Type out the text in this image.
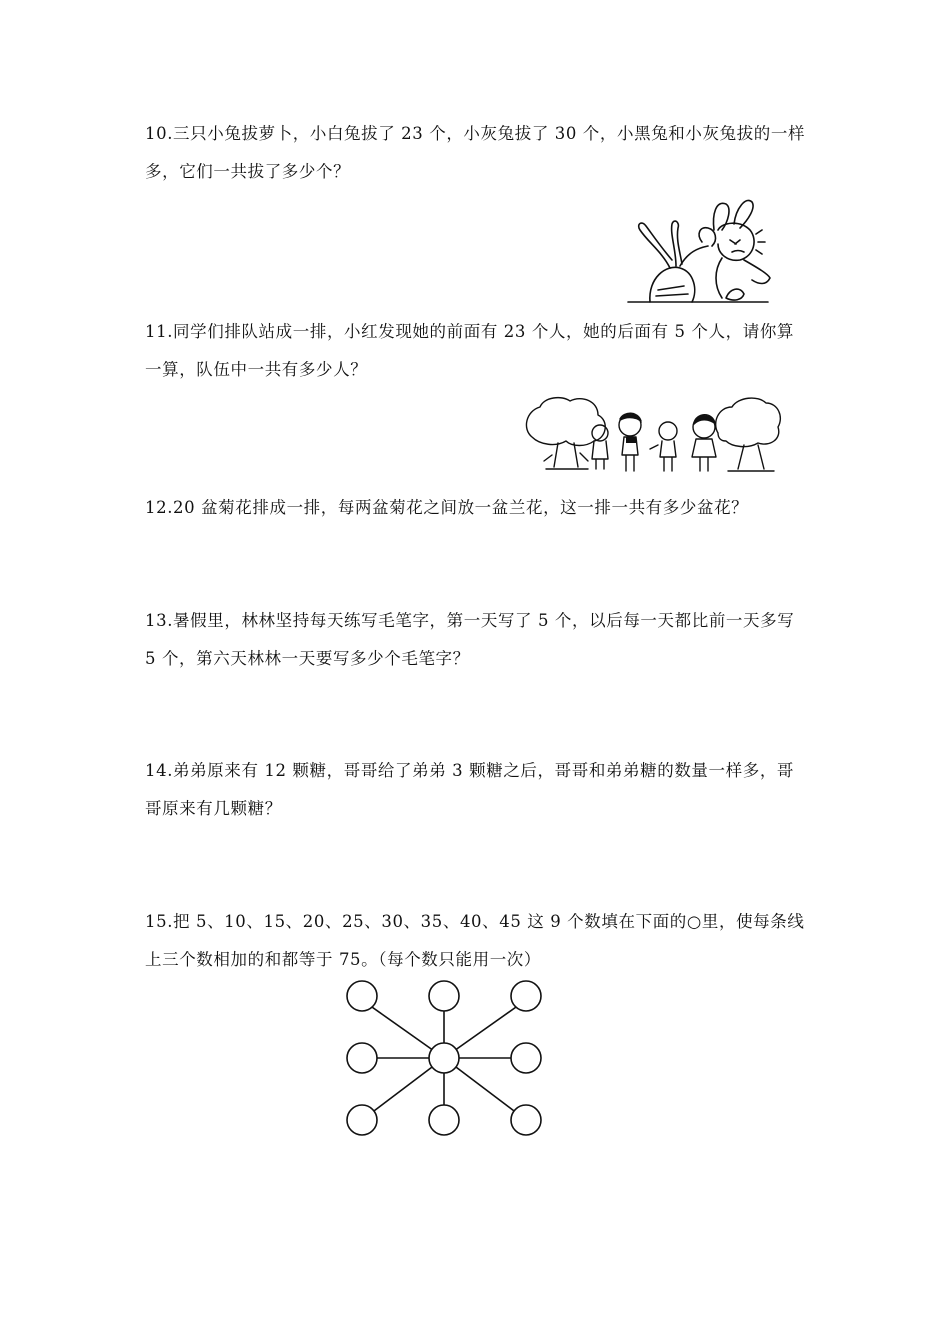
10.三只小兔拔萝卜，小白兔拔了 23 个，小灰兔拔了 30 个，小黑兔和小灰兔拔的一样多，它们一共拔了多少个？

11.同学们排队站成一排，小红发现她的前面有 23 个人，她的后面有 5 个人，请你算一算，队伍中一共有多少人？

12.20 盆菊花排成一排，每两盆菊花之间放一盆兰花，这一排一共有多少盆花？

13.暑假里，林林坚持每天练写毛笔字，第一天写了 5 个，以后每一天都比前一天多写 5 个，第六天林林一天要写多少个毛笔字？

14.弟弟原来有 12 颗糖，哥哥给了弟弟 3 颗糖之后，哥哥和弟弟糖的数量一样多，哥哥原来有几颗糖？

15.把 5、10、15、20、25、30、35、40、45 这 9 个数填在下面的○里，使每条线上三个数相加的和都等于 75。（每个数只能用一次）
